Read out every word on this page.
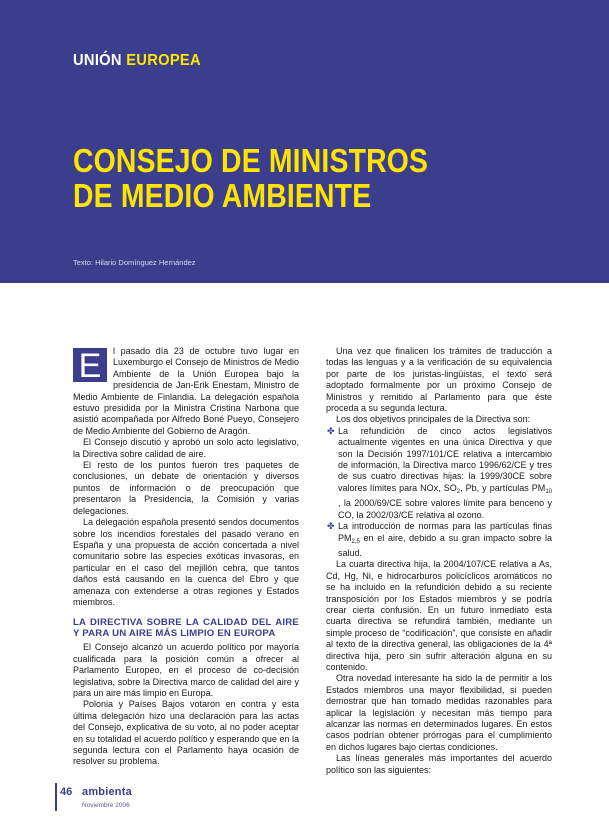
UNIÓN EUROPEA
CONSEJO DE MINISTROS
DE MEDIO AMBIENTE
Texto: Hilario Domínguez Hernández

E	l pasado día 23 de octubre tuvo lugar en Luxemburgo el Consejo de Ministros de Medio Ambiente de la Unión Europea bajo la presidencia de Jan-Erik Enestam, Ministro de Medio Ambiente de Finlandia. La delegación española estuvo presidida por la Ministra Cristina Narbona que asistió acompañada por Alfredo Boné Pueyo, Consejero de Medio Ambiente del Gobierno de Aragón.

El Consejo discutió y aprobó un solo acto legislativo, la Directiva sobre calidad de aire.

El resto de los puntos fueron tres paquetes de conclusiones, un debate de orientación y diversos puntos de información o de preocupación que presentaron la Presidencia, la Comisión y varias delegaciones.

La delegación española presentó sendos documentos sobre los incendios forestales del pasado verano en España y una propuesta de acción concertada a nivel comunitario sobre las especies exóticas invasoras, en particular en el caso del mejillón cebra, que tantos daños está causando en la cuenca del Ebro y que amenaza con extenderse a otras regiones y Estados miembros.

LA DIRECTIVA SOBRE LA CALIDAD DEL AIRE Y PARA UN AIRE MÁS LIMPIO EN EUROPA

El Consejo alcanzó un acuerdo político por mayoría cualificada para la posición común a ofrecer al Parlamento Europeo, en el proceso de co-decisión legislativa, sobre la Directiva marco de calidad del aire y para un aire más limpio en Europa.

Polonia y Países Bajos votaron en contra y esta última delegación hizo una declaración para las actas del Consejo, explicativa de su voto, al no poder aceptar en su totalidad el acuerdo político y esperando que en la segunda lectura con el Parlamento haya ocasión de resolver su problema.

Una vez que finalicen los trámites de traducción a todas las lenguas y a la verificación de su equivalencia por parte de los juristas-lingüistas, el texto será adoptado formalmente por un próximo Consejo de Ministros y remitido al Parlamento para que éste proceda a su segunda lectura.

Los dos objetivos principales de la Directiva son:

✤ La refundición de cinco actos legislativos actualmente vigentes en una única Directiva y que son la Decisión 1997/101/CE relativa a intercambio de información, la Directiva marco 1996/62/CE y tres de sus cuatro directivas hijas: la 1999/30CE sobre valores límites para NOx, $SO_2$, Pb, y partículas $PM_{10}$ , la 2000/69/CE sobre valores límite para benceno y CO, la 2002/03/CE relativa al ozono.
✤ La introducción de normas para las partículas finas $PM_{2,5}$ en el aire, debido a su gran impacto sobre la salud.

La cuarta directiva hija, la 2004/107/CE relativa a As, Cd, Hg, Ni, e hidrocarburos policíclicos aromáticos no se ha incluido en la refundición debido a su reciente transposición por los Estados miembros y se podría crear cierta confusión. En un futuro inmediato esta cuarta directiva se refundirá también, mediante un simple proceso de “codificación”, que consiste en añadir al texto de la directiva general, las obligaciones de la 4ª directiva hija, pero sin sufrir alteración alguna en su contenido.

Otra novedad interesante ha sido la de permitir a los Estados miembros una mayor flexibilidad, si pueden demostrar que han tomado medidas razonables para aplicar la legislación y necesitan más tiempo para alcanzar las normas en determinados lugares. En estos casos podrían obtener prórrogas para el cumplimiento en dichos lugares bajo ciertas condiciones.

Las líneas generales más importantes del acuerdo político son las siguientes:

46 ambienta
Noviembre 2006
